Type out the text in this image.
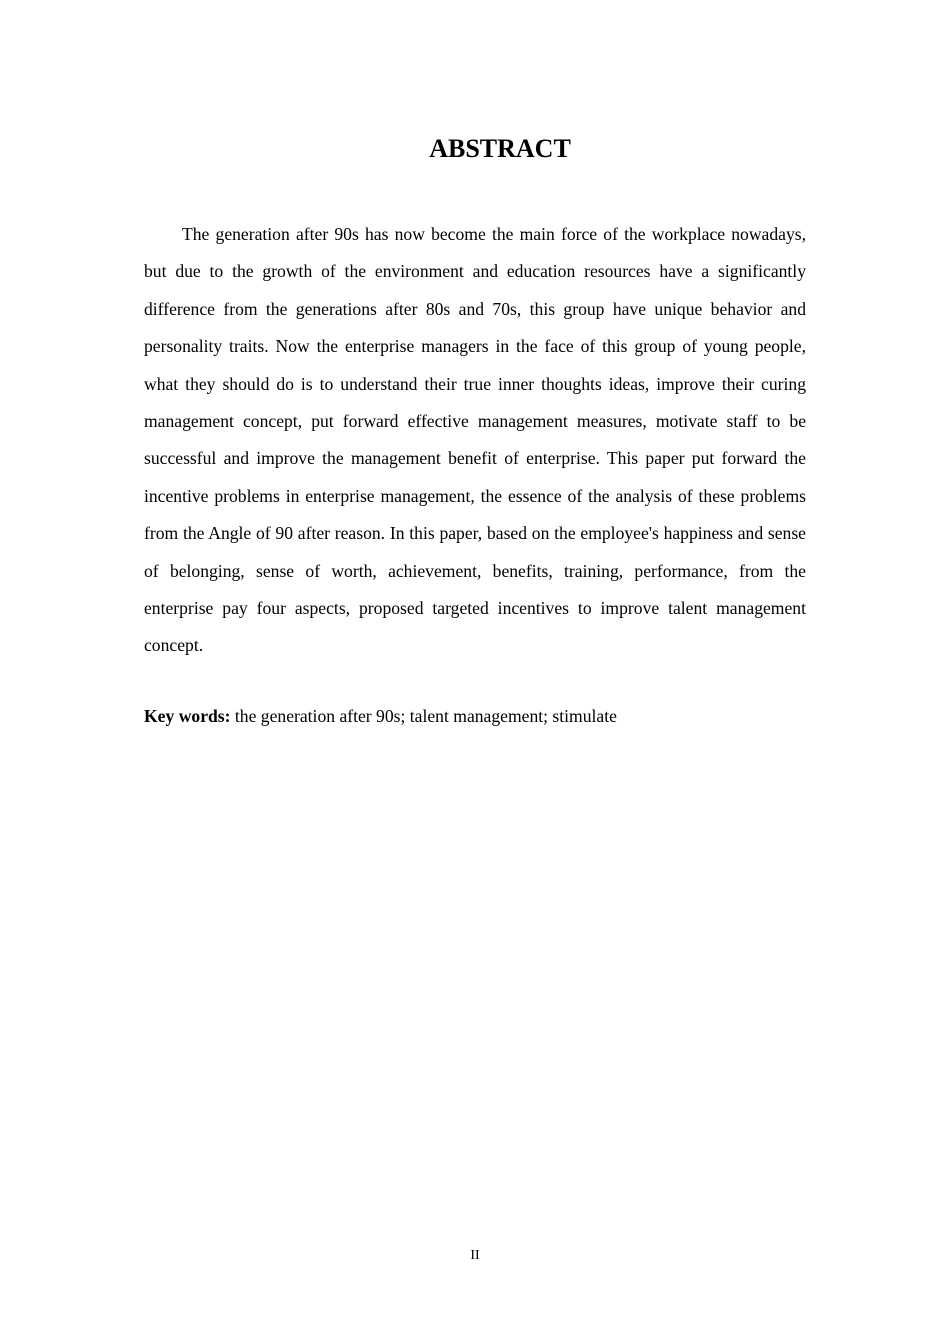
ABSTRACT

The generation after 90s has now become the main force of the workplace nowadays, but due to the growth of the environment and education resources have a significantly difference from the generations after 80s and 70s, this group have unique behavior and personality traits. Now the enterprise managers in the face of this group of young people, what they should do is to understand their true inner thoughts ideas, improve their curing management concept, put forward effective management measures, motivate staff to be successful and improve the management benefit of enterprise. This paper put forward the incentive problems in enterprise management, the essence of the analysis of these problems from the Angle of 90 after reason. In this paper, based on the employee's happiness and sense of belonging, sense of worth, achievement, benefits, training, performance, from the enterprise pay four aspects, proposed targeted incentives to improve talent management concept.

Key words: the generation after 90s; talent management; stimulate

II
